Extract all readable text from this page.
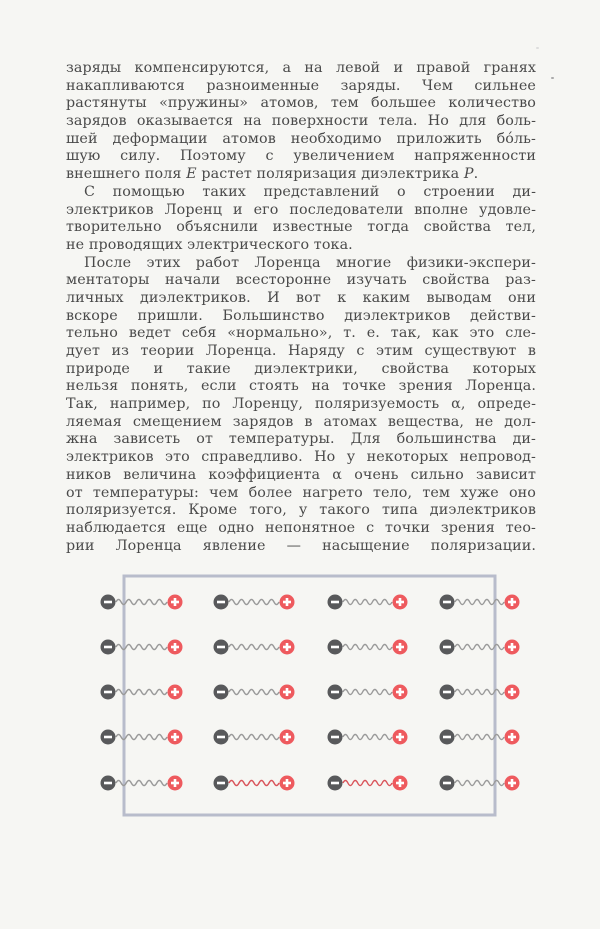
заряды компенсируются, а на левой и правой гранях
накапливаются разноименные заряды. Чем сильнее
растянуты «пружины» атомов, тем большее количество
зарядов оказывается на поверхности тела. Но для боль-
шей деформации атомов необходимо приложить бóль-
шую силу. Поэтому с увеличением напряженности
внешнего поля E растет поляризация диэлектрика P.
С помощью таких представлений о строении ди-
электриков Лоренц и его последователи вполне удовле-
творительно объяснили известные тогда свойства тел,
не проводящих электрического тока.
После этих работ Лоренца многие физики-экспери-
ментаторы начали всесторонне изучать свойства раз-
личных диэлектриков. И вот к каким выводам они
вскоре пришли. Большинство диэлектриков действи-
тельно ведет себя «нормально», т. е. так, как это сле-
дует из теории Лоренца. Наряду с этим существуют в
природе и такие диэлектрики, свойства которых
нельзя понять, если стоять на точке зрения Лоренца.
Так, например, по Лоренцу, поляризуемость α, опреде-
ляемая смещением зарядов в атомах вещества, не дол-
жна зависеть от температуры. Для большинства ди-
электриков это справедливо. Но у некоторых непровод-
ников величина коэффициента α очень сильно зависит
от температуры: чем более нагрето тело, тем хуже оно
поляризуется. Кроме того, у такого типа диэлектриков
наблюдается еще одно непонятное с точки зрения тео-
рии Лоренца явление — насыщение поляризации.
